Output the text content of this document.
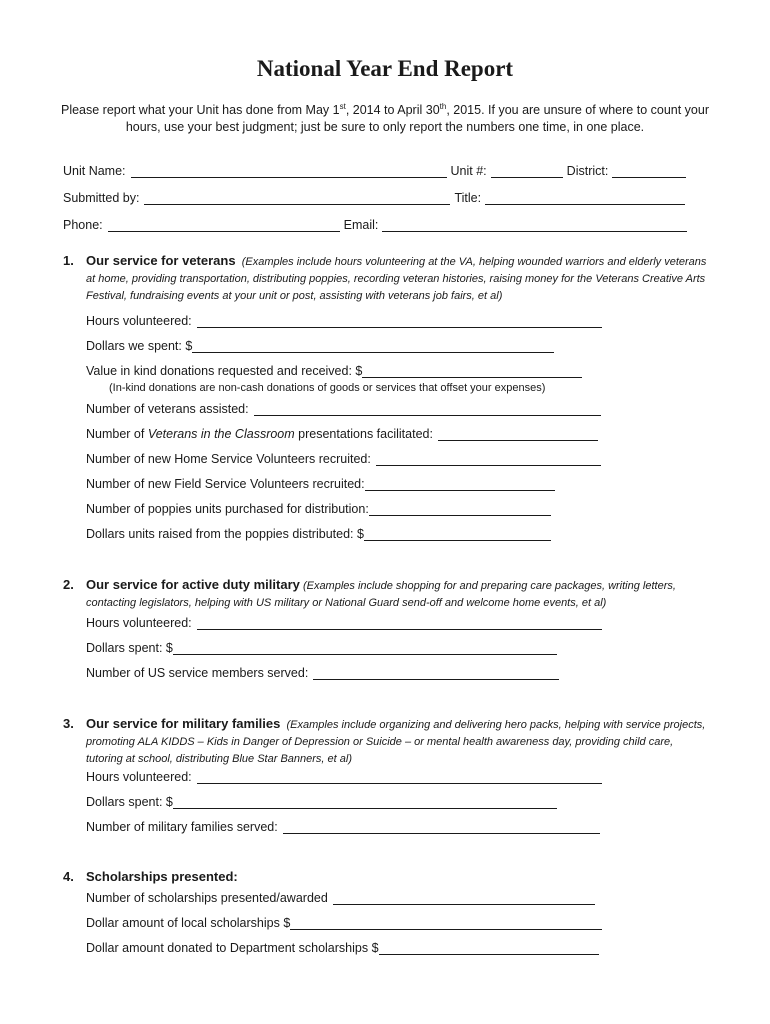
National Year End Report
Please report what your Unit has done from May 1st, 2014 to April 30th, 2015. If you are unsure of where to count your hours, use your best judgment; just be sure to only report the numbers one time, in one place.
Unit Name:	Unit #:	District:
Submitted by:	Title:
Phone:	Email:
1. Our service for veterans (Examples include hours volunteering at the VA, helping wounded warriors and elderly veterans at home, providing transportation, distributing poppies, recording veteran histories, raising money for the Veterans Creative Arts Festival, fundraising events at your unit or post, assisting with veterans job fairs, et al)
Hours volunteered:
Dollars we spent: $
Value in kind donations requested and received: $
(In-kind donations are non-cash donations of goods or services that offset your expenses)
Number of veterans assisted:
Number of Veterans in the Classroom presentations facilitated:
Number of new Home Service Volunteers recruited:
Number of new Field Service Volunteers recruited:
Number of poppies units purchased for distribution:
Dollars units raised from the poppies distributed: $
2. Our service for active duty military (Examples include shopping for and preparing care packages, writing letters, contacting legislators, helping with US military or National Guard send-off and welcome home events, et al)
Hours volunteered:
Dollars spent: $
Number of US service members served:
3. Our service for military families (Examples include organizing and delivering hero packs, helping with service projects, promoting ALA KIDDS – Kids in Danger of Depression or Suicide – or mental health awareness day, providing child care, tutoring at school, distributing Blue Star Banners, et al)
Hours volunteered:
Dollars spent: $
Number of military families served:
4. Scholarships presented:
Number of scholarships presented/awarded
Dollar amount of local scholarships $
Dollar amount donated to Department scholarships $
